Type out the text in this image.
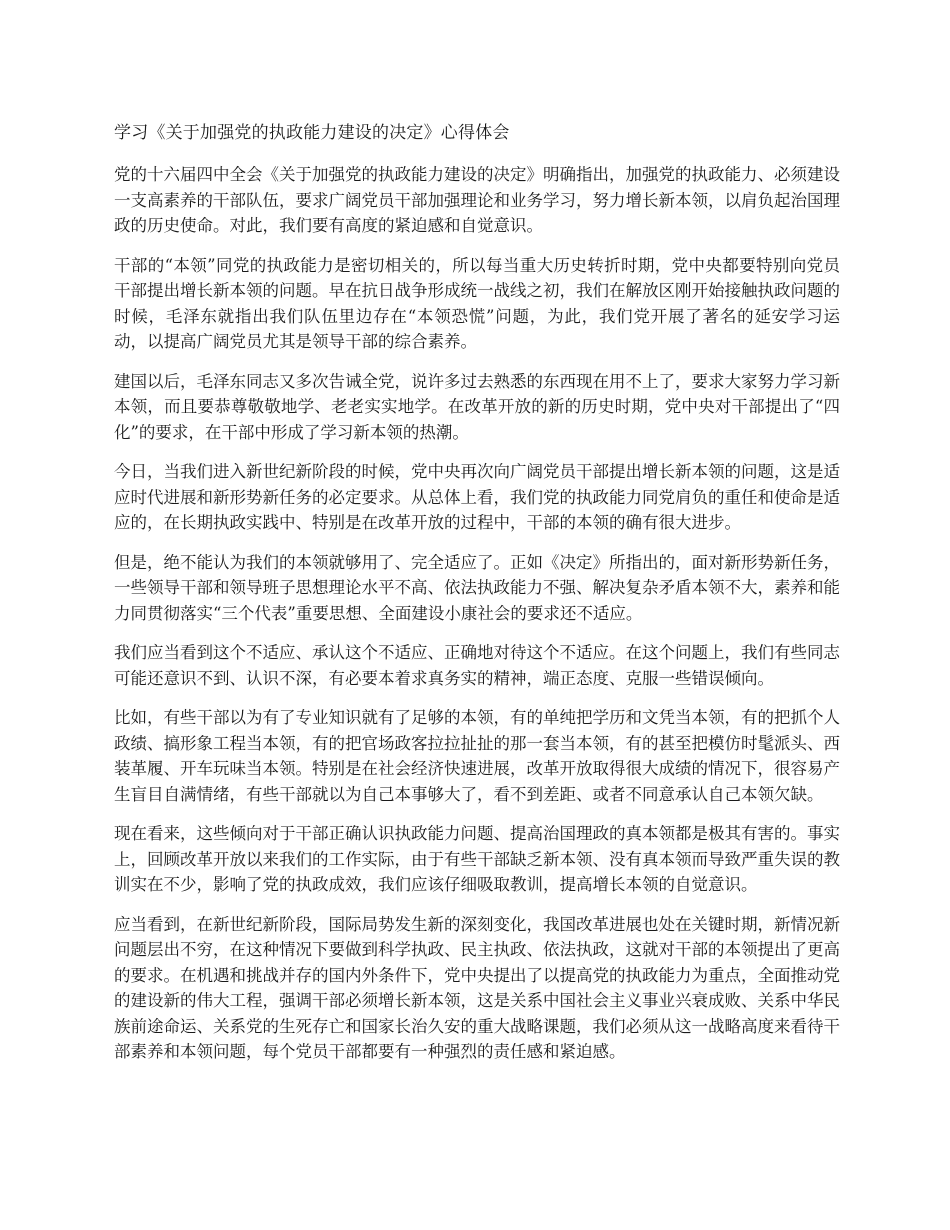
学习《关于加强党的执政能力建设的决定》心得体会

党的十六届四中全会《关于加强党的执政能力建设的决定》明确指出，加强党的执政能力、必须建设一支高素养的干部队伍，要求广阔党员干部加强理论和业务学习，努力增长新本领，以肩负起治国理政的历史使命。对此，我们要有高度的紧迫感和自觉意识。

干部的“本领”同党的执政能力是密切相关的，所以每当重大历史转折时期，党中央都要特别向党员干部提出增长新本领的问题。早在抗日战争形成统一战线之初，我们在解放区刚开始接触执政问题的时候，毛泽东就指出我们队伍里边存在“本领恐慌”问题，为此，我们党开展了著名的延安学习运动，以提高广阔党员尤其是领导干部的综合素养。

建国以后，毛泽东同志又多次告诫全党，说许多过去熟悉的东西现在用不上了，要求大家努力学习新本领，而且要恭尊敬敬地学、老老实实地学。在改革开放的新的历史时期，党中央对干部提出了“四化”的要求，在干部中形成了学习新本领的热潮。

今日，当我们进入新世纪新阶段的时候，党中央再次向广阔党员干部提出增长新本领的问题，这是适应时代进展和新形势新任务的必定要求。从总体上看，我们党的执政能力同党肩负的重任和使命是适应的，在长期执政实践中、特别是在改革开放的过程中，干部的本领的确有很大进步。

但是，绝不能认为我们的本领就够用了、完全适应了。正如《决定》所指出的，面对新形势新任务，一些领导干部和领导班子思想理论水平不高、依法执政能力不强、解决复杂矛盾本领不大，素养和能力同贯彻落实“三个代表”重要思想、全面建设小康社会的要求还不适应。

我们应当看到这个不适应、承认这个不适应、正确地对待这个不适应。在这个问题上，我们有些同志可能还意识不到、认识不深，有必要本着求真务实的精神，端正态度、克服一些错误倾向。

比如，有些干部以为有了专业知识就有了足够的本领，有的单纯把学历和文凭当本领，有的把抓个人政绩、搞形象工程当本领，有的把官场政客拉拉扯扯的那一套当本领，有的甚至把模仿时髦派头、西装革履、开车玩味当本领。特别是在社会经济快速进展，改革开放取得很大成绩的情况下，很容易产生盲目自满情绪，有些干部就以为自己本事够大了，看不到差距、或者不同意承认自己本领欠缺。

现在看来，这些倾向对于干部正确认识执政能力问题、提高治国理政的真本领都是极其有害的。事实上，回顾改革开放以来我们的工作实际，由于有些干部缺乏新本领、没有真本领而导致严重失误的教训实在不少，影响了党的执政成效，我们应该仔细吸取教训，提高增长本领的自觉意识。

应当看到，在新世纪新阶段，国际局势发生新的深刻变化，我国改革进展也处在关键时期，新情况新问题层出不穷，在这种情况下要做到科学执政、民主执政、依法执政，这就对干部的本领提出了更高的要求。在机遇和挑战并存的国内外条件下，党中央提出了以提高党的执政能力为重点，全面推动党的建设新的伟大工程，强调干部必须增长新本领，这是关系中国社会主义事业兴衰成败、关系中华民族前途命运、关系党的生死存亡和国家长治久安的重大战略课题，我们必须从这一战略高度来看待干部素养和本领问题，每个党员干部都要有一种强烈的责任感和紧迫感。
